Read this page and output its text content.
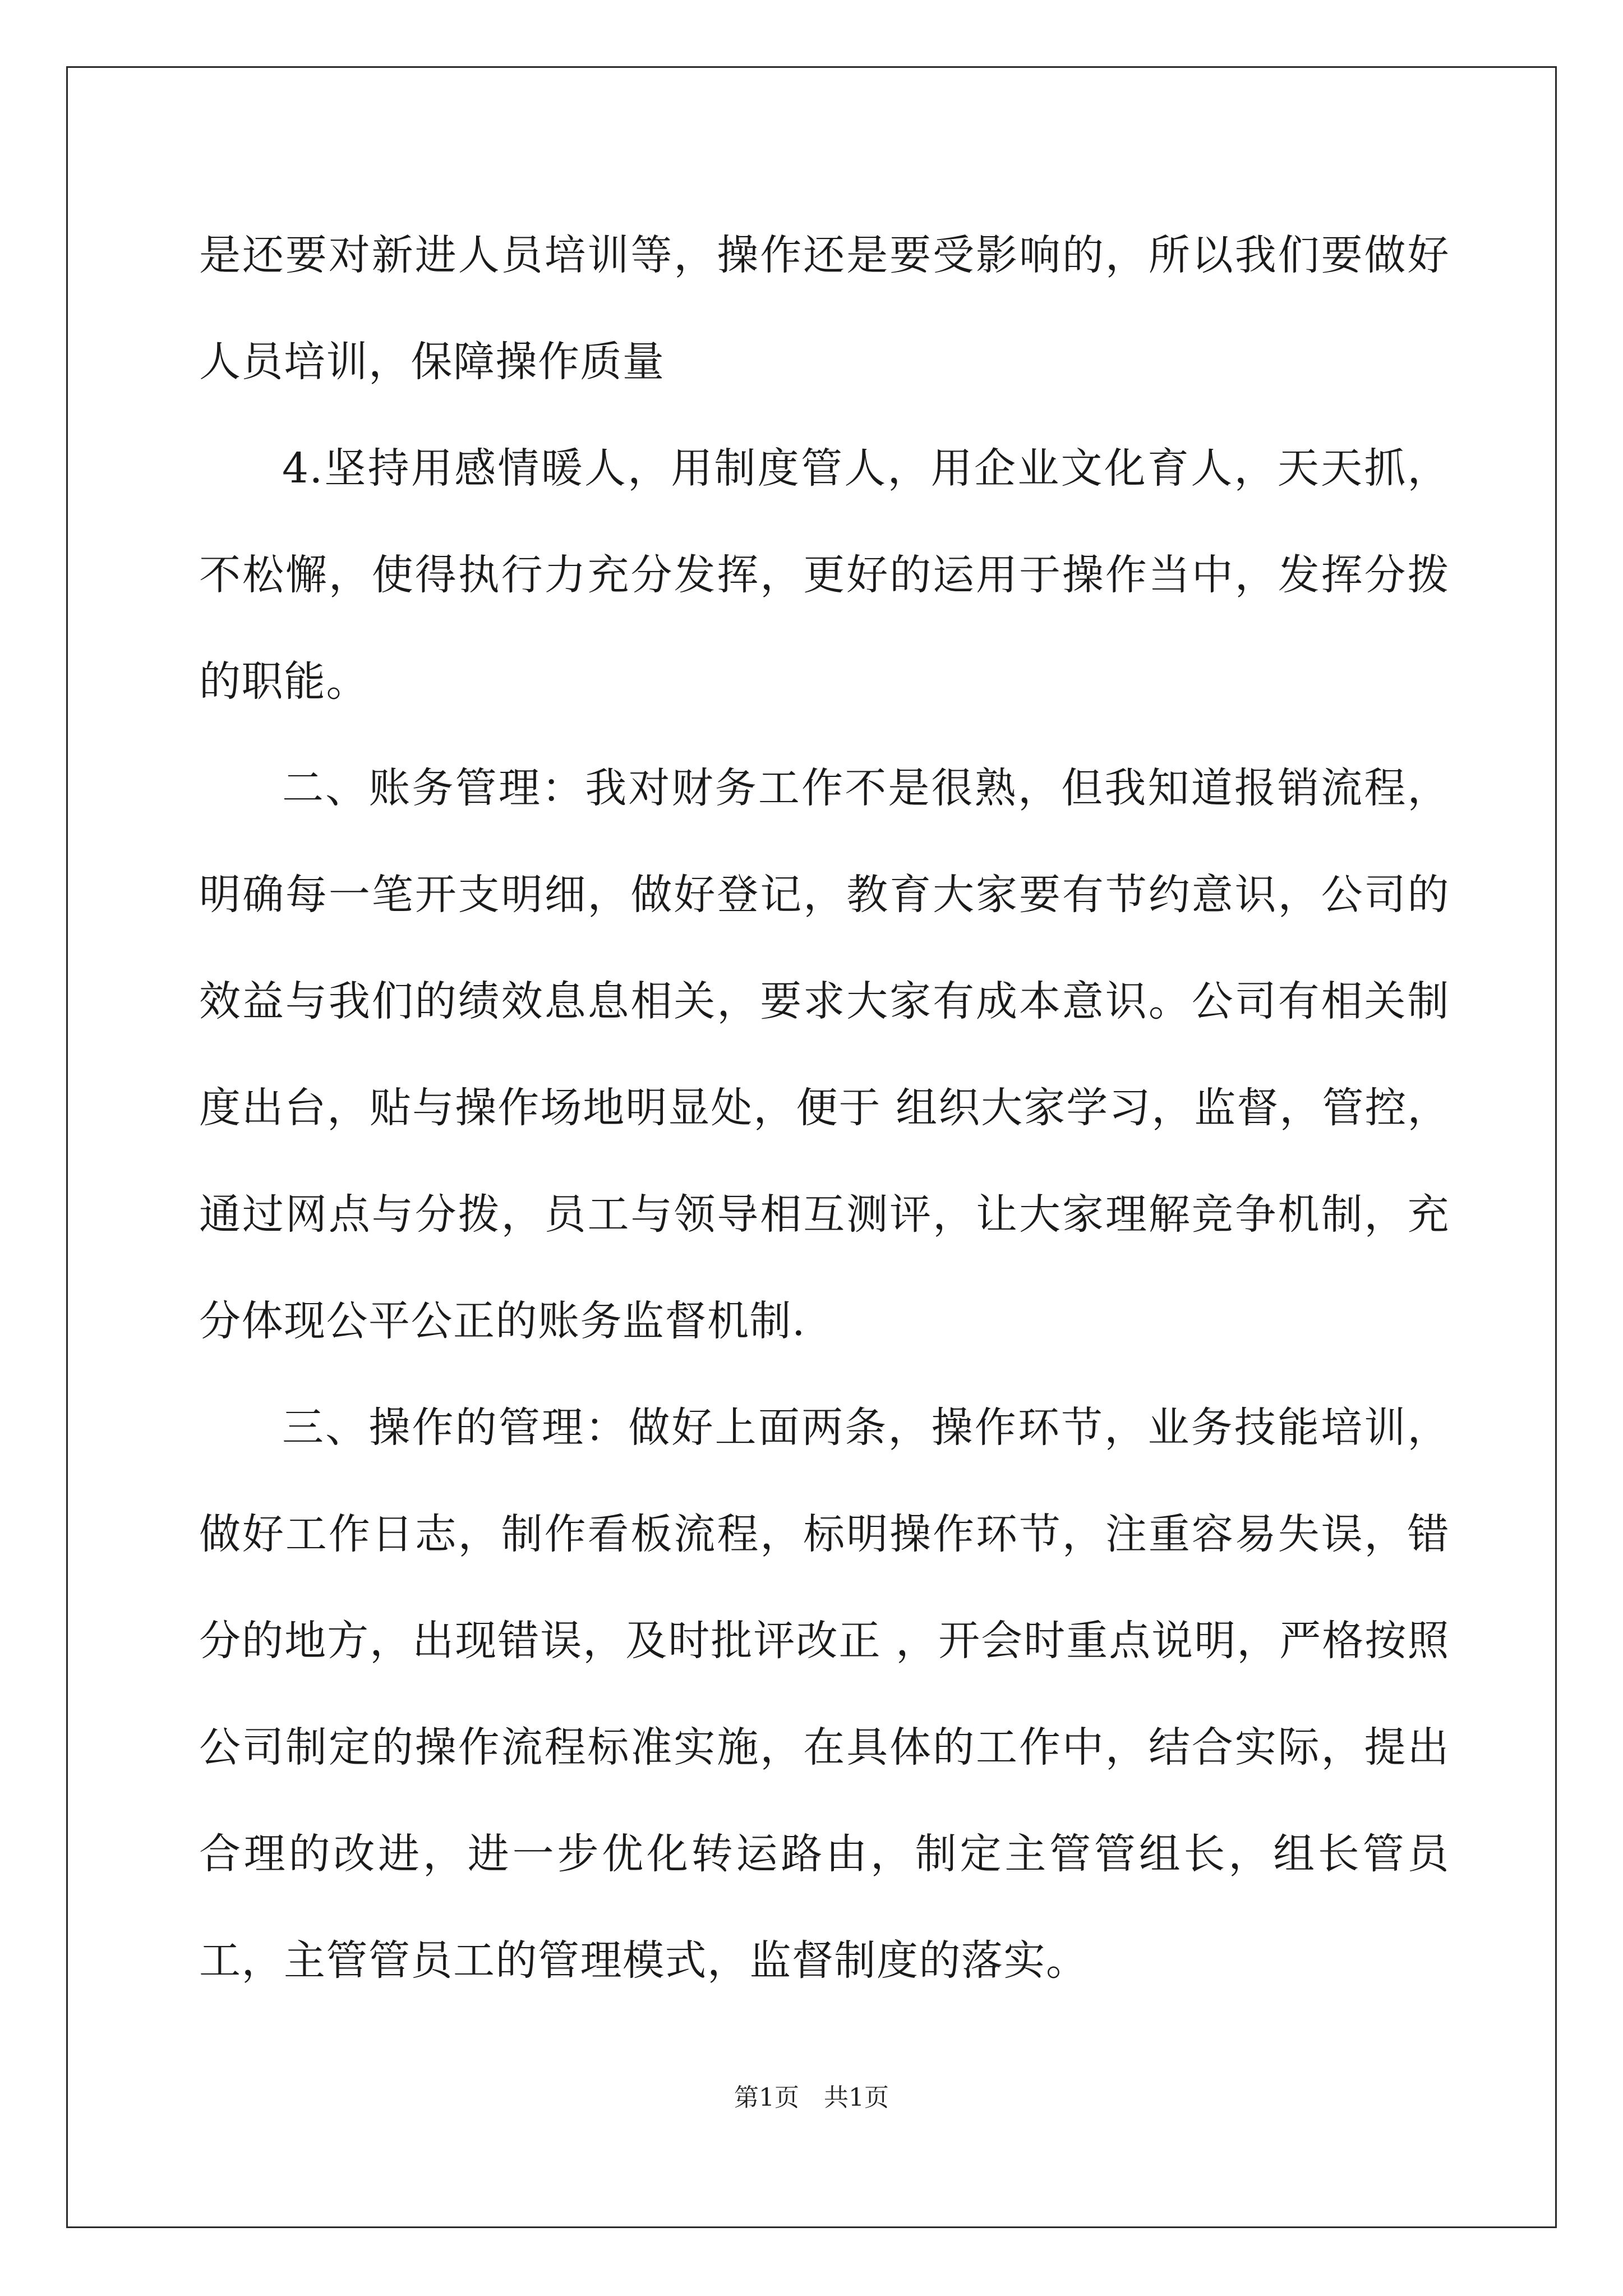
是还要对新进人员培训等，操作还是要受影响的，所以我们要做好人员培训，保障操作质量

4.坚持用感情暖人，用制度管人，用企业文化育人，天天抓，不松懈，使得执行力充分发挥，更好的运用于操作当中，发挥分拨的职能。

二、账务管理：我对财务工作不是很熟，但我知道报销流程，明确每一笔开支明细，做好登记，教育大家要有节约意识，公司的效益与我们的绩效息息相关，要求大家有成本意识。公司有相关制度出台，贴与操作场地明显处，便于 组织大家学习，监督，管控，通过网点与分拨，员工与领导相互测评，让大家理解竞争机制，充分体现公平公正的账务监督机制.

三、操作的管理：做好上面两条，操作环节，业务技能培训，做好工作日志，制作看板流程，标明操作环节，注重容易失误，错分的地方，出现错误，及时批评改正 ，开会时重点说明，严格按照公司制定的操作流程标准实施，在具体的工作中，结合实际，提出合理的改进，进一步优化转运路由，制定主管管组长，组长管员工，主管管员工的管理模式，监督制度的落实。

第1页　共1页
